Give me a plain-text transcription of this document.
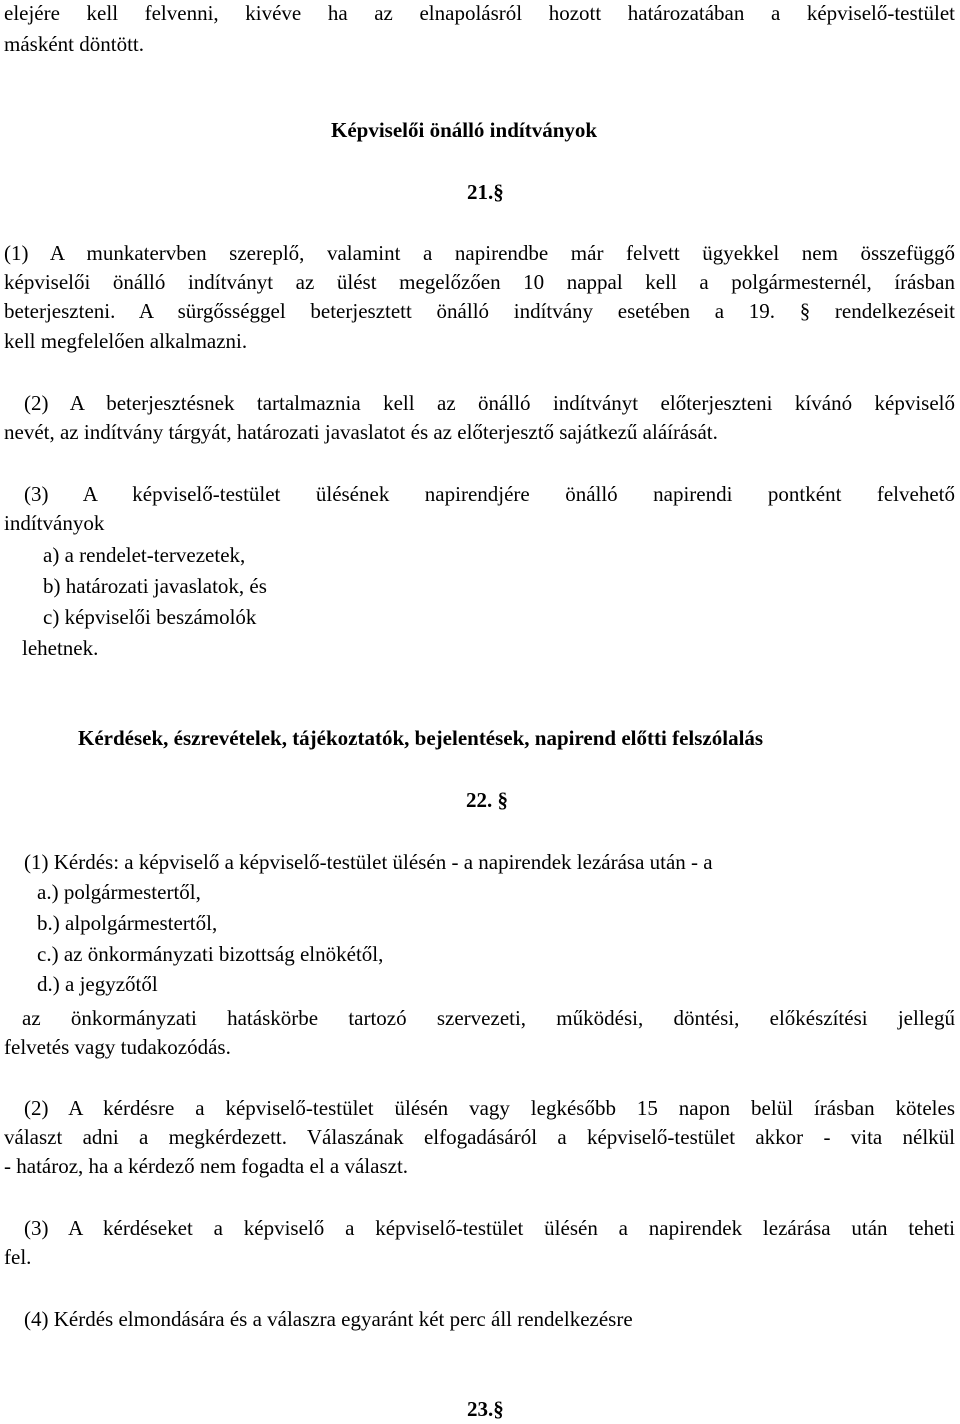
elejére kell felvenni, kivéve ha az elnapolásról hozott határozatában a képviselő-testület
másként döntött.
Képviselői önálló indítványok
21.§
(1) A munkatervben szereplő, valamint a napirendbe már felvett ügyekkel nem összefüggő
képviselői önálló indítványt az ülést megelőzően 10 nappal kell a polgármesternél, írásban
beterjeszteni. A sürgősséggel beterjesztett önálló indítvány esetében a 19. § rendelkezéseit
kell megfelelően alkalmazni.
(2) A beterjesztésnek tartalmaznia kell az önálló indítványt előterjeszteni kívánó képviselő
nevét, az indítvány tárgyát, határozati javaslatot és az előterjesztő sajátkezű aláírását.
(3) A képviselő-testület ülésének napirendjére önálló napirendi pontként felvehető
indítványok
a) a rendelet-tervezetek,
b) határozati javaslatok, és
c) képviselői beszámolók
lehetnek.
Kérdések, észrevételek, tájékoztatók, bejelentések, napirend előtti felszólalás
22. §
(1) Kérdés: a képviselő a képviselő-testület ülésén - a napirendek lezárása után - a
a.) polgármestertől,
b.) alpolgármestertől,
c.) az önkormányzati bizottság elnökétől,
d.) a jegyzőtől
az önkormányzati hatáskörbe tartozó szervezeti, működési, döntési, előkészítési jellegű
felvetés vagy tudakozódás.
(2) A kérdésre a képviselő-testület ülésén vagy legkésőbb 15 napon belül írásban köteles
választ adni a megkérdezett. Válaszának elfogadásáról a képviselő-testület akkor - vita nélkül
- határoz, ha a kérdező nem fogadta el a választ.
(3) A kérdéseket a képviselő a képviselő-testület ülésén a napirendek lezárása után teheti
fel.
(4) Kérdés elmondására és a válaszra egyaránt két perc áll rendelkezésre
23.§
